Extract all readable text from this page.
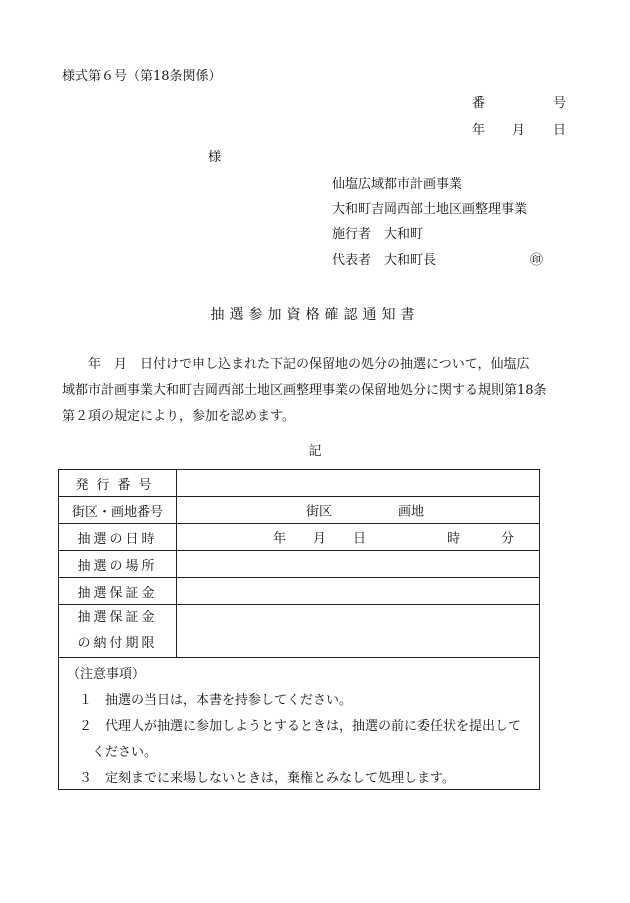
様式第６号（第18条関係）
番	号
年 月 日
様
仙塩広域都市計画事業
大和町吉岡西部土地区画整理事業
施行者 大和町
代表者 大和町長	㊞
抽選参加資格確認通知書
　　年　月　日付けで申し込まれた下記の保留地の処分の抽選について，仙塩広
域都市計画事業大和町吉岡西部土地区画整理事業の保留地処分に関する規則第18条
第２項の規定により，参加を認めます。
記
発行番号	
街区・画地番号	街区 画地

抽選の日時	年 月 日 時 分

抽選の場所	
抽選保証金	

抽選保証金
の納付期限	

（注意事項）
１　抽選の当日は，本書を持参してください。
２　代理人が抽選に参加しようとするときは，抽選の前に委任状を提出して
ください。
３　定刻までに来場しないときは，棄権とみなして処理します。
